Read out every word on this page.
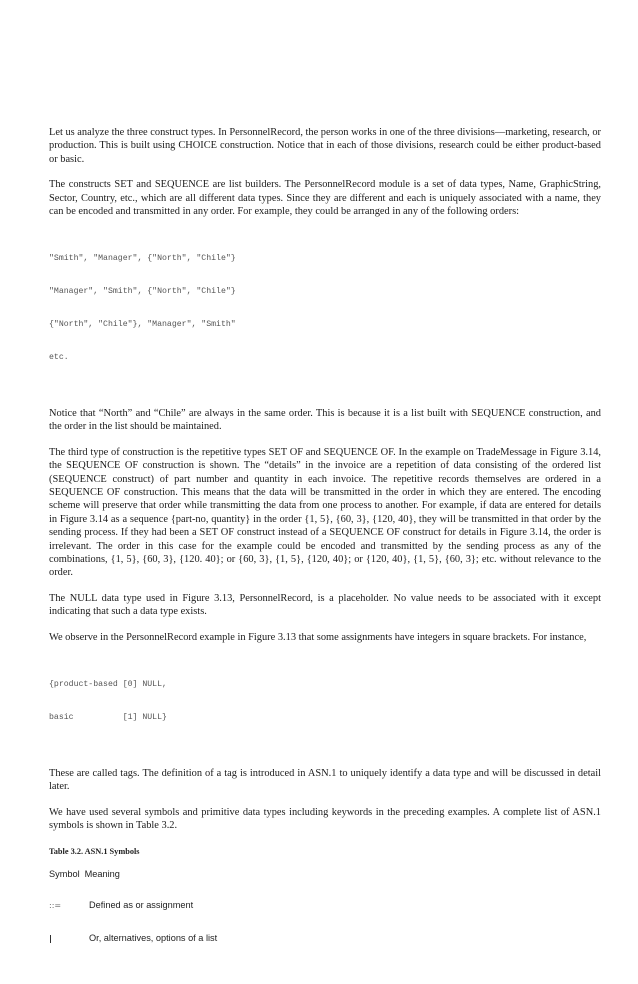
Let us analyze the three construct types. In PersonnelRecord, the person works in one of the three divisions—marketing, research, or production. This is built using CHOICE construction. Notice that in each of those divisions, research could be either product-based or basic.

The constructs SET and SEQUENCE are list builders. The PersonnelRecord module is a set of data types, Name, GraphicString, Sector, Country, etc., which are all different data types. Since they are different and each is uniquely associated with a name, they can be encoded and transmitted in any order. For example, they could be arranged in any of the following orders:

"Smith", "Manager", {"North", "Chile"}

"Manager", "Smith", {"North", "Chile"}

{"North", "Chile"}, "Manager", "Smith"

etc.

Notice that “North” and “Chile” are always in the same order. This is because it is a list built with SEQUENCE construction, and the order in the list should be maintained.

The third type of construction is the repetitive types SET OF and SEQUENCE OF. In the example on TradeMessage in Figure 3.14, the SEQUENCE OF construction is shown. The “details” in the invoice are a repetition of data consisting of the ordered list (SEQUENCE construct) of part number and quantity in each invoice. The repetitive records themselves are ordered in a SEQUENCE OF construction. This means that the data will be transmitted in the order in which they are entered. The encoding scheme will preserve that order while transmitting the data from one process to another. For example, if data are entered for details in Figure 3.14 as a sequence {part-no, quantity} in the order {1, 5}, {60, 3}, {120, 40}, they will be transmitted in that order by the sending process. If they had been a SET OF construct instead of a SEQUENCE OF construct for details in Figure 3.14, the order is irrelevant. The order in this case for the example could be encoded and transmitted by the sending process as any of the combinations, {1, 5}, {60, 3}, {120. 40}; or {60, 3}, {1, 5}, {120, 40}; or {120, 40}, {1, 5}, {60, 3}; etc. without relevance to the order.

The NULL data type used in Figure 3.13, PersonnelRecord, is a placeholder. No value needs to be associated with it except indicating that such a data type exists.

We observe in the PersonnelRecord example in Figure 3.13 that some assignments have integers in square brackets. For instance,

{product-based [0] NULL,

basic          [1] NULL}

These are called tags. The definition of a tag is introduced in ASN.1 to uniquely identify a data type and will be discussed in detail later.

We have used several symbols and primitive data types including keywords in the preceding examples. A complete list of ASN.1 symbols is shown in Table 3.2.

Table 3.2. ASN.1 Symbols
Symbol Meaning
::=	Defined as or assignment
|	Or, alternatives, options of a list
